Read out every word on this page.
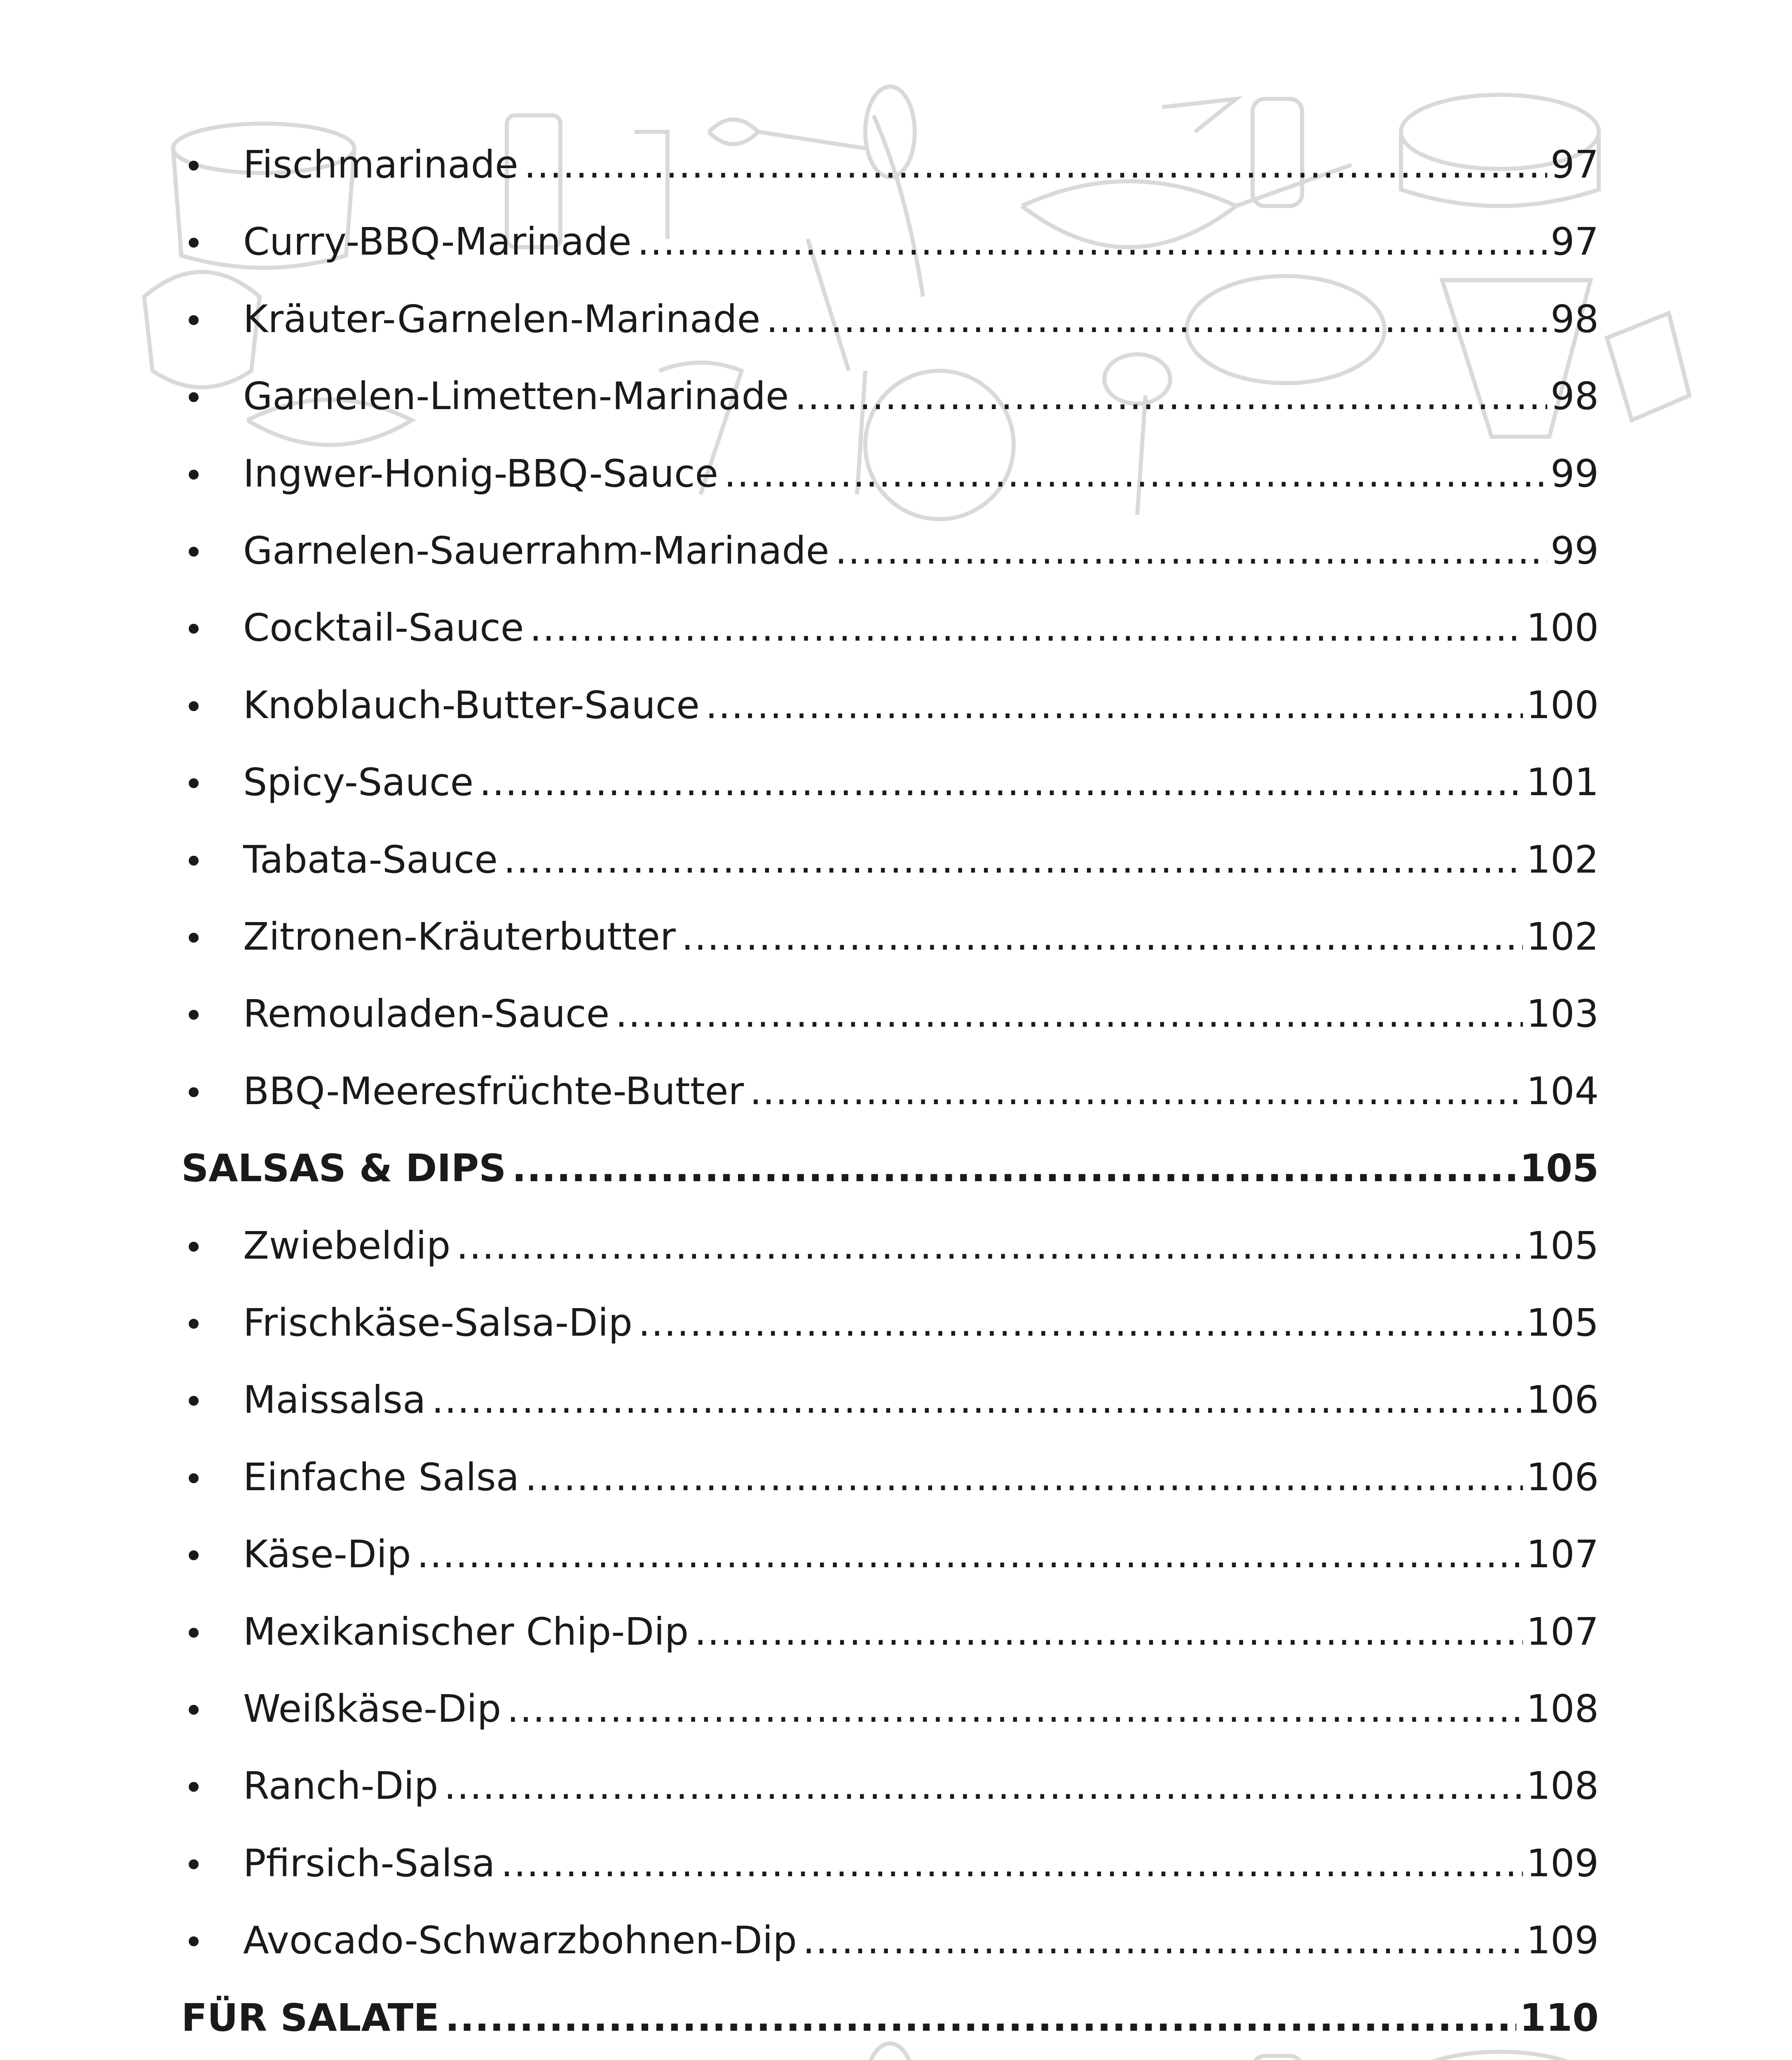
Fischmarinade .....	97
Curry-BBQ-Marinade .....	97
Kräuter-Garnelen-Marinade .....	98
Garnelen-Limetten-Marinade .....	98
Ingwer-Honig-BBQ-Sauce .....	99
Garnelen-Sauerrahm-Marinade .....	99
Cocktail-Sauce .....	100
Knoblauch-Butter-Sauce .....	100
Spicy-Sauce .....	101
Tabata-Sauce .....	102
Zitronen-Kräuterbutter .....	102
Remouladen-Sauce .....	103
BBQ-Meeresfrüchte-Butter .....	104
SALSAS & DIPS .....	105
Zwiebeldip .....	105
Frischkäse-Salsa-Dip .....	105
Maissalsa .....	106
Einfache Salsa .....	106
Käse-Dip .....	107
Mexikanischer Chip-Dip .....	107
Weißkäse-Dip .....	108
Ranch-Dip .....	108
Pfirsich-Salsa .....	109
Avocado-Schwarzbohnen-Dip .....	109
FÜR SALATE .....	110
.....
